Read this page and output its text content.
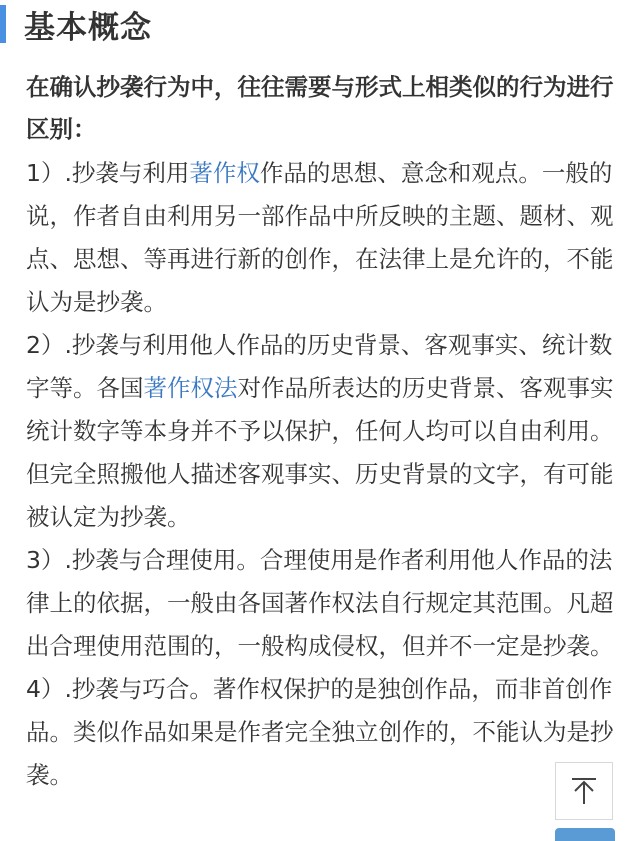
基本概念

在确认抄袭行为中，往往需要与形式上相类似的行为进行区别：

1）.抄袭与利用著作权作品的思想、意念和观点。一般的说，作者自由利用另一部作品中所反映的主题、题材、观点、思想、等再进行新的创作，在法律上是允许的，不能认为是抄袭。

2）.抄袭与利用他人作品的历史背景、客观事实、统计数字等。各国著作权法对作品所表达的历史背景、客观事实统计数字等本身并不予以保护，任何人均可以自由利用。但完全照搬他人描述客观事实、历史背景的文字，有可能被认定为抄袭。

3）.抄袭与合理使用。合理使用是作者利用他人作品的法律上的依据，一般由各国著作权法自行规定其范围。凡超出合理使用范围的，一般构成侵权，但并不一定是抄袭。

4）.抄袭与巧合。著作权保护的是独创作品，而非首创作品。类似作品如果是作者完全独立创作的，不能认为是抄袭。
